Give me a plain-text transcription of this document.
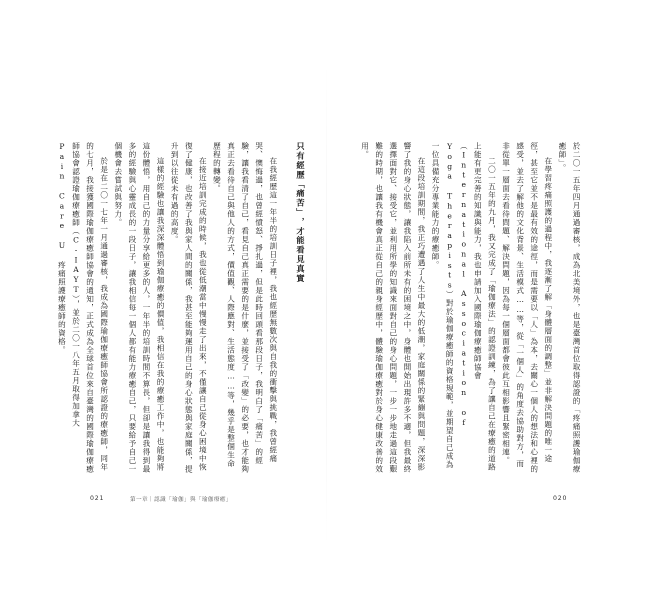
只有經歷「痛苦」，才能看見真實

在我經歷這一年半的培訓日子裡，我也經歷無數次與自我的衝擊與挑戰，我曾經痛哭、懊悔過，也曾經憤怒、掙扎過，但是此時回頭看那段日子，我明白了「痛苦」的經驗，讓我看清了自己，看見自己真正需要的是什麼，並接受了「改變」的必要，也才能夠真正去看待自己與他人的方式，價值觀、人際應對、生活態度……等，幾乎是整個生命歷程的轉變。

在接近培訓完成的時候，我也從低潮當中慢慢走了出來，不僅讓自己從身心困境中恢復了健康，也改善了我與家人間的關係，我甚至能夠運用自己的身心狀態與家庭關係，提升到以往從未有過的高度。

這樣的經驗也讓我深深體悟到瑜伽療癒的價值，我相信在我的療癒工作中，也能夠將這份體悟，用自己的力量分享給更多的人，一年半的培訓時間不算長，但卻是讓我得到最多的經驗與心靈成長的一段日子，讓我相信每一個人都有能力療癒自己，只要給予自己一個機會去嘗試與努力。

於是在二〇一七年一月通過審核，我成為國際瑜伽療癒師協會所認證的療癒師，同年的七月，我接獲國際瑜伽療癒師協會的通知，正式成為全球首位來自臺灣的國際瑜伽療癒師協會認證瑜伽療癒師（C-IAYT），並於二〇一八年五月取得加拿大 Pain Care U 疼痛照護療癒師的資格。

021	第一章｜認識「瑜伽」與「瑜伽療癒」

於二〇一五年四月通過審核，成為北美境外，也是臺灣首位取得認證的「疼痛照護瑜伽療癒師」。

在學習疼痛照護的過程中，我逐漸了解「身體層面的調整」並非解決問題的唯一途徑，甚至它並不是最有效的途徑，而是需要以「人」為本，去關心一個人的想法和心裡的感受，並去了解他的文化背景、生活模式……等，從「一個人」的角度去協助對方，而非從單一層面去看待問題、解決問題，因為每一個層面都會彼此互相影響且緊密相連。

二〇一五年的九月，我又完成了「瑜伽療法」的認證訓練，為了讓自己在療癒的道路上能有更完善的知識與能力，我也申請加入國際瑜伽療癒師協會（International Association of Yoga Therapists）對於瑜伽療癒師的資格規範，並期望自己成為一位具備充分專業能力的療癒師。

在這段培訓期間，我正巧遭遇了人生中最大的低潮，家庭關係的緊繃與問題，深深影響了我的身心狀態，讓我陷入前所未有的困境之中，身體也開始出現許多不適，但我最終選擇面對它、接受它，並利用所學的知識來面對自己的身心問題，一步一步地走過這段艱難的時期，也讓我有機會真正從自己的親身經歷中，體驗瑜伽療癒對於身心健康改善的效用。

020
